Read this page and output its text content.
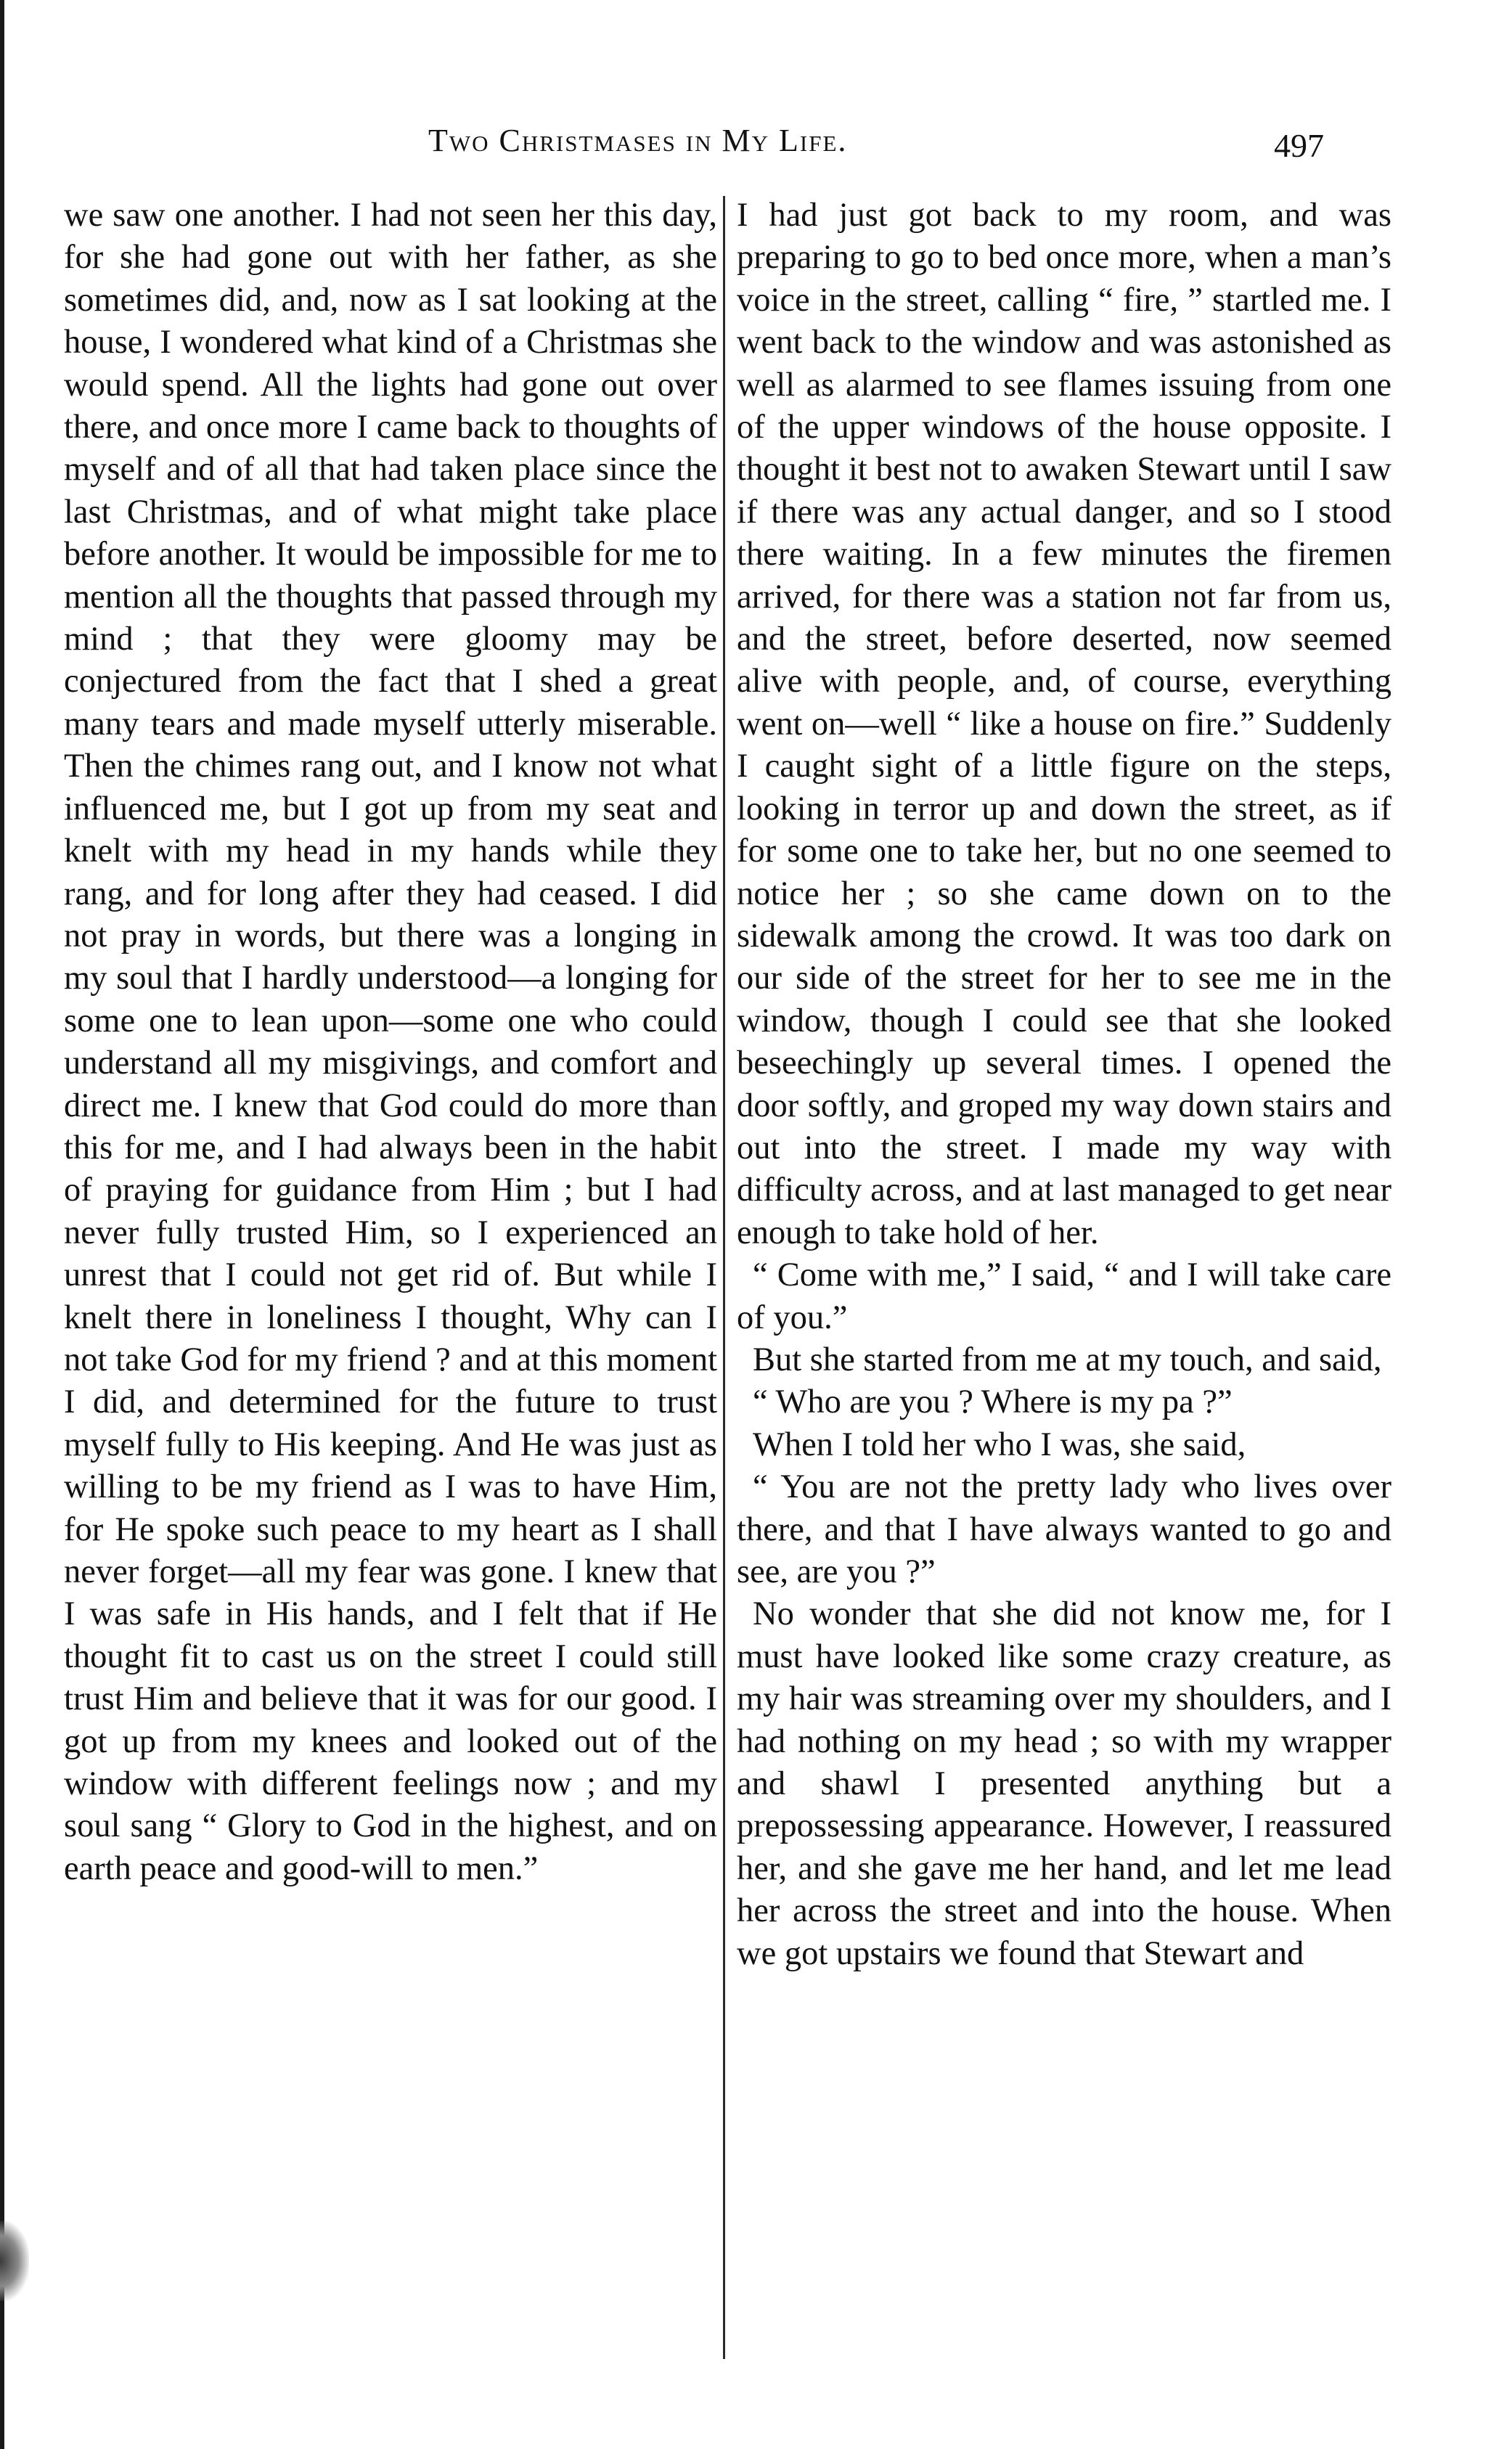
Two Christmases in My Life.	497

we saw one another. I had not seen her this day, for she had gone out with her father, as she sometimes did, and, now as I sat looking at the house, I wondered what kind of a Christmas she would spend. All the lights had gone out over there, and once more I came back to thoughts of myself and of all that had taken place since the last Christmas, and of what might take place before another. It would be impossible for me to mention all the thoughts that passed through my mind ; that they were gloomy may be conjectured from the fact that I shed a great many tears and made myself utterly miserable. Then the chimes rang out, and I know not what influenced me, but I got up from my seat and knelt with my head in my hands while they rang, and for long after they had ceased. I did not pray in words, but there was a longing in my soul that I hardly understood—a longing for some one to lean upon—some one who could understand all my misgivings, and comfort and direct me. I knew that God could do more than this for me, and I had always been in the habit of praying for guidance from Him ; but I had never fully trusted Him, so I experienced an unrest that I could not get rid of. But while I knelt there in loneliness I thought, Why can I not take God for my friend ? and at this moment I did, and determined for the future to trust myself fully to His keeping. And He was just as willing to be my friend as I was to have Him, for He spoke such peace to my heart as I shall never forget—all my fear was gone. I knew that I was safe in His hands, and I felt that if He thought fit to cast us on the street I could still trust Him and believe that it was for our good. I got up from my knees and looked out of the window with different feelings now ; and my soul sang “ Glory to God in the highest, and on earth peace and good-will to men.”

I had just got back to my room, and was preparing to go to bed once more, when a man’s voice in the street, calling “ fire, ” startled me. I went back to the window and was astonished as well as alarmed to see flames issuing from one of the upper windows of the house opposite. I thought it best not to awaken Stewart until I saw if there was any actual danger, and so I stood there waiting. In a few minutes the firemen arrived, for there was a station not far from us, and the street, before deserted, now seemed alive with people, and, of course, everything went on—well “ like a house on fire.” Suddenly I caught sight of a little figure on the steps, looking in terror up and down the street, as if for some one to take her, but no one seemed to notice her ; so she came down on to the sidewalk among the crowd. It was too dark on our side of the street for her to see me in the window, though I could see that she looked beseechingly up several times. I opened the door softly, and groped my way down stairs and out into the street. I made my way with difficulty across, and at last managed to get near enough to take hold of her.

“ Come with me,” I said, “ and I will take care of you.”

But she started from me at my touch, and said,

“ Who are you ? Where is my pa ?”

When I told her who I was, she said,

“ You are not the pretty lady who lives over there, and that I have always wanted to go and see, are you ?”

No wonder that she did not know me, for I must have looked like some crazy creature, as my hair was streaming over my shoulders, and I had nothing on my head ; so with my wrapper and shawl I presented anything but a prepossessing appearance. However, I reassured her, and she gave me her hand, and let me lead her across the street and into the house. When we got upstairs we found that Stewart and
